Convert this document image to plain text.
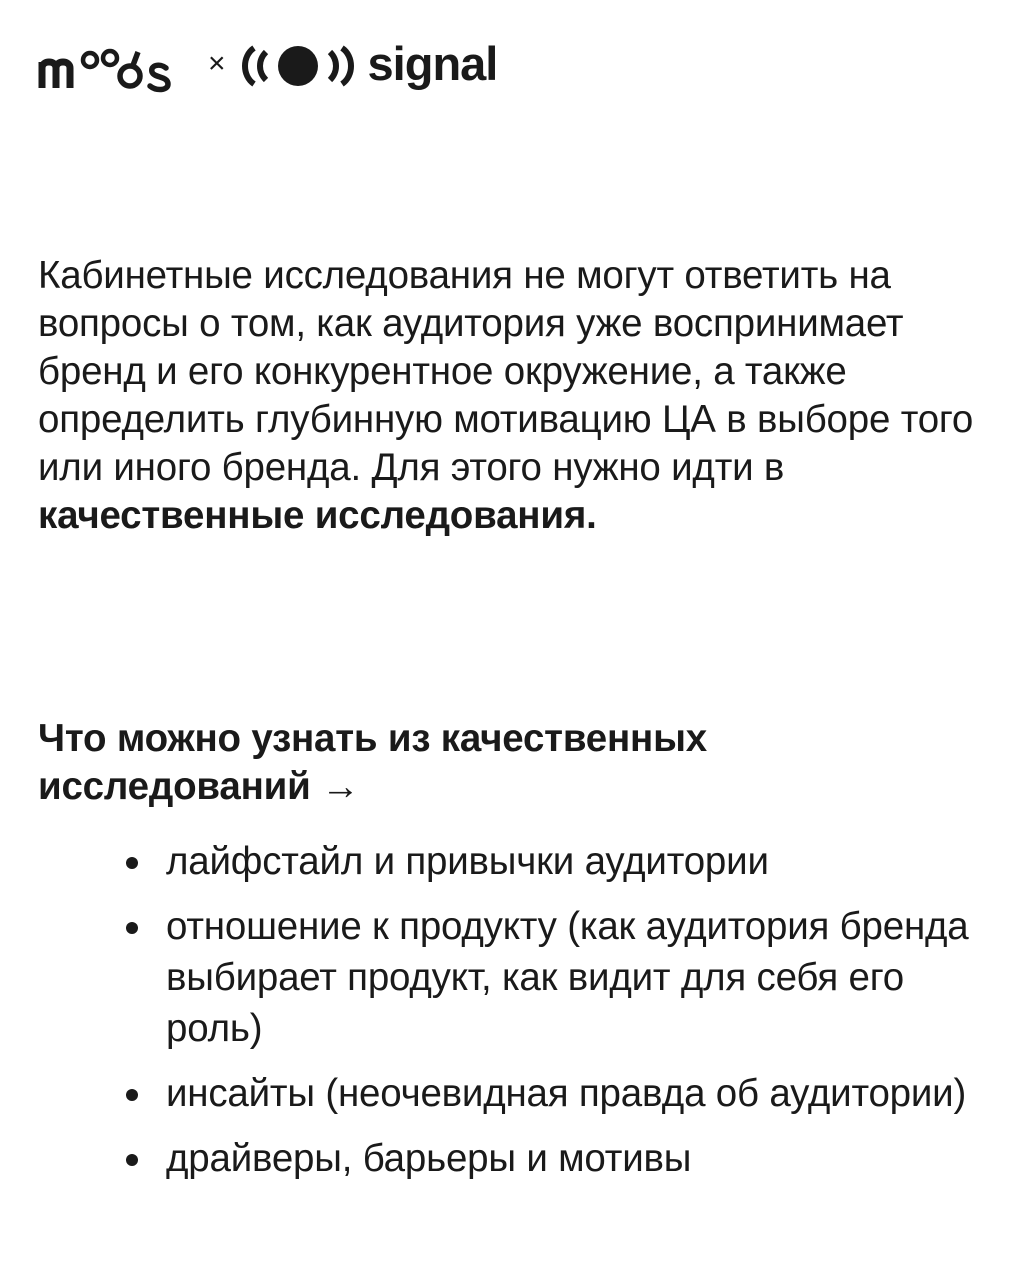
×	signal

Кабинетные исследования не могут ответить на вопросы о том, как аудитория уже воспринимает бренд и его конкурентное окружение, а также определить глубинную мотивацию ЦА в выборе того или иного бренда. Для этого нужно идти в качественные исследования.

Что можно узнать из качественных исследований →

лайфстайл и привычки аудитории
отношение к продукту (как аудитория бренда выбирает продукт, как видит для себя его роль)
инсайты (неочевидная правда об аудитории)
драйверы, барьеры и мотивы
